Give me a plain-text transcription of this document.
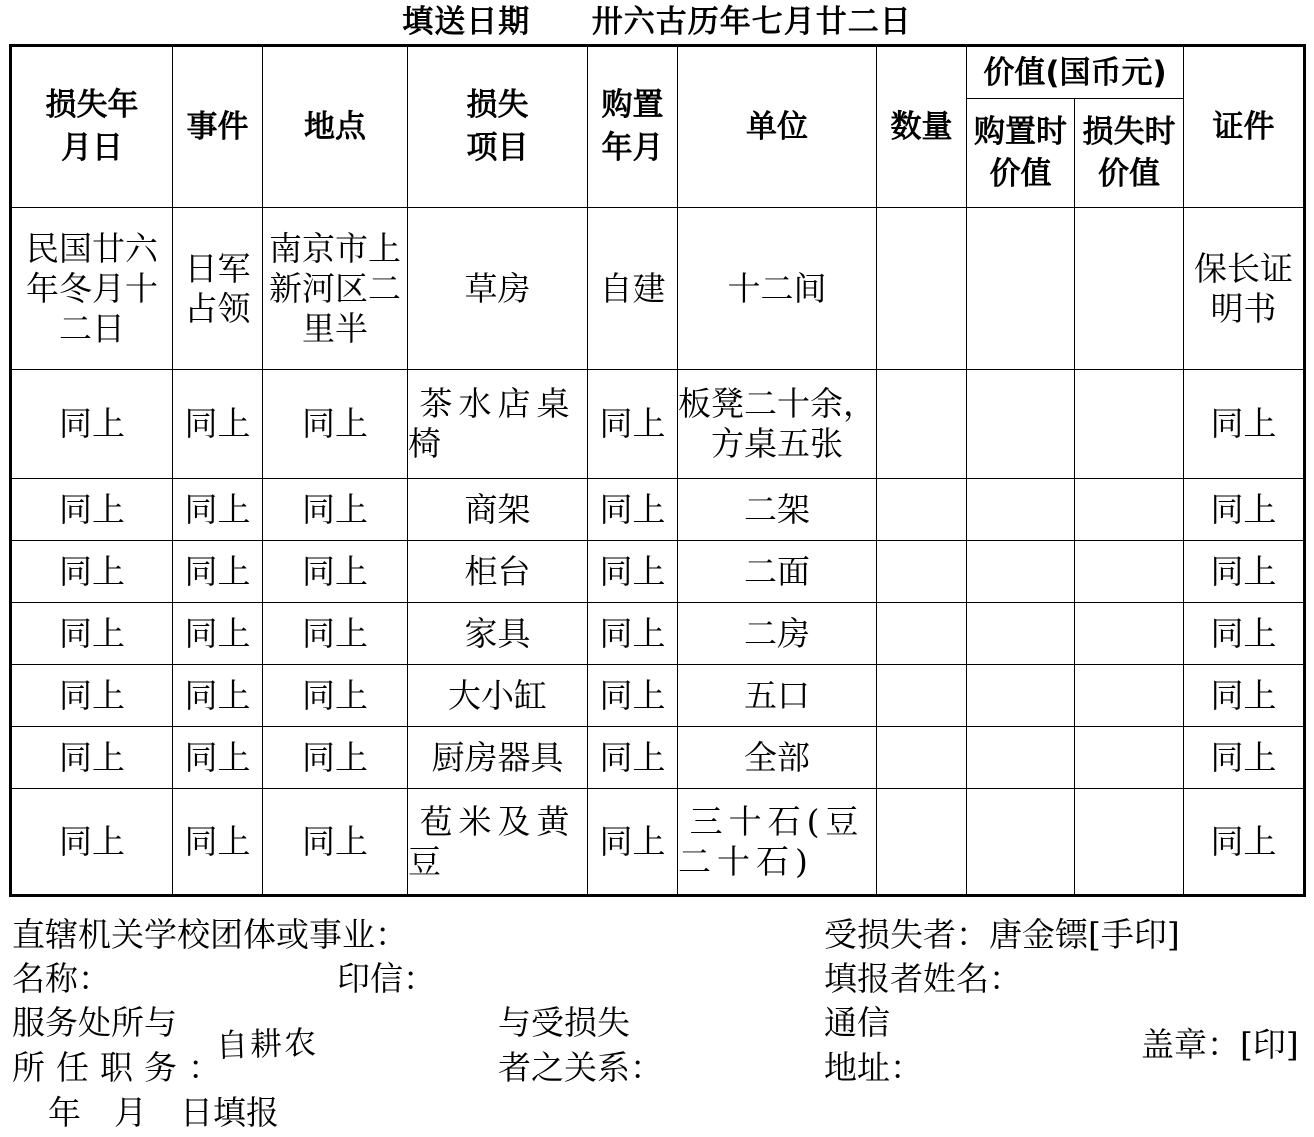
填送日期 卅六古历年七月廿二日
损失年月日	事件	地点	损失项目	购置年月	单位	数量	价值(国币元)		证件

							购置时价值	损失时价值	

民国廿六年冬月十二日	日军占领	南京市上新河区二里半	草房	自建	十二间				保长证明书
同上	同上	同上	茶水店桌椅	同上	板凳二十余，方桌五张				同上
同上	同上	同上	商架	同上	二架				同上
同上	同上	同上	柜台	同上	二面				同上
同上	同上	同上	家具	同上	二房				同上
同上	同上	同上	大小缸	同上	五口				同上
同上	同上	同上	厨房器具	同上	全部				同上
同上	同上	同上	苞米及黄豆	同上	三十石(豆二十石)				同上
直辖机关学校团体或事业：
名称：	印信：
服务处所与
所任职务：
自耕农
与受损失
者之关系：
受损失者：唐金镖[手印]
填报者姓名：
通信
地址：
盖章：[印]
年　月　日填报
